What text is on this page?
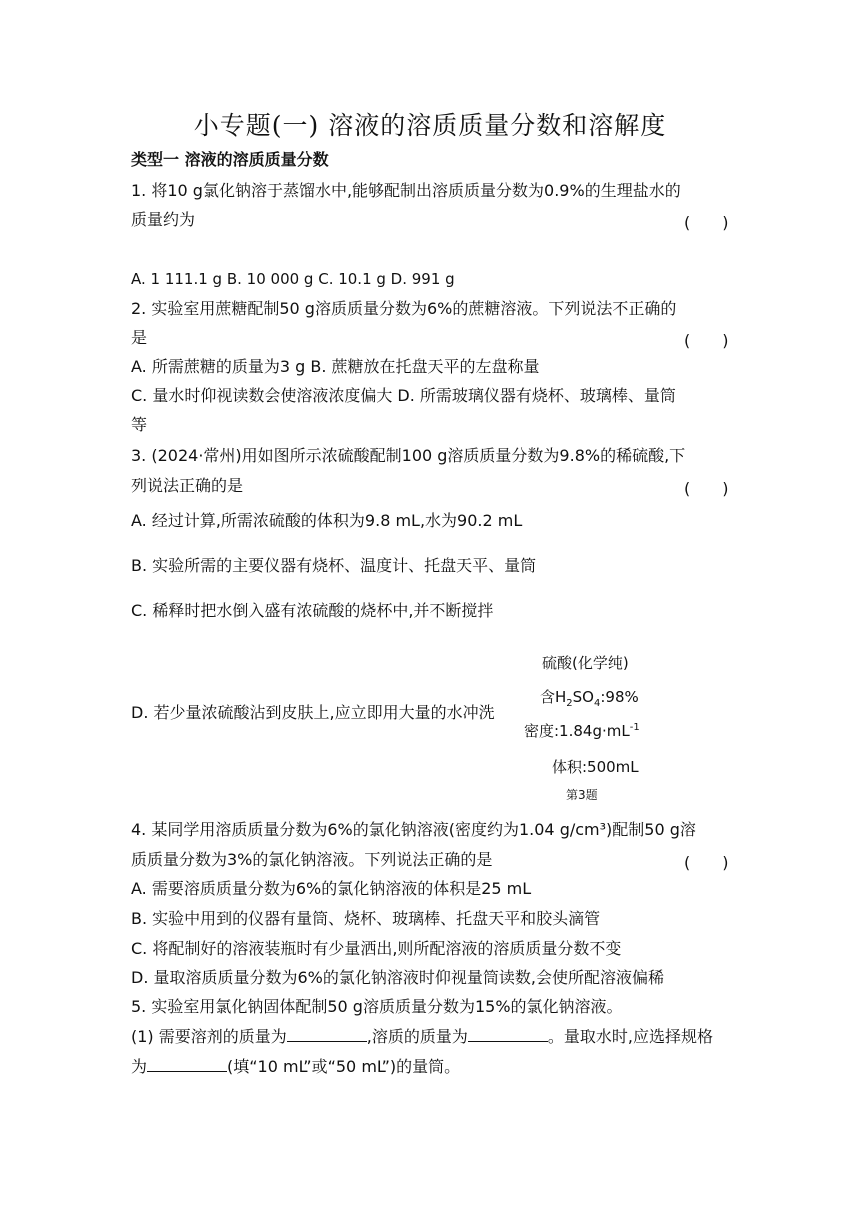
小专题(一) 溶液的溶质质量分数和溶解度
类型一 溶液的溶质质量分数
1. 将10 g氯化钠溶于蒸馏水中,能够配制出溶质质量分数为0.9%的生理盐水的
质量约为	(　　)
A. 1 111.1 g B. 10 000 g C. 10.1 g D. 991 g
2. 实验室用蔗糖配制50 g溶质质量分数为6%的蔗糖溶液。下列说法不正确的
是	(　　)
A. 所需蔗糖的质量为3 g B. 蔗糖放在托盘天平的左盘称量
C. 量水时仰视读数会使溶液浓度偏大 D. 所需玻璃仪器有烧杯、玻璃棒、量筒
等
3. (2024·常州)用如图所示浓硫酸配制100 g溶质质量分数为9.8%的稀硫酸,下
列说法正确的是	(　　)
A. 经过计算,所需浓硫酸的体积为9.8 mL,水为90.2 mL
B. 实验所需的主要仪器有烧杯、温度计、托盘天平、量筒
C. 稀释时把水倒入盛有浓硫酸的烧杯中,并不断搅拌
D. 若少量浓硫酸沾到皮肤上,应立即用大量的水冲洗
硫酸(化学纯)
含$H_2SO_4:98\%$
密度$:1.84g\cdot mL^{-1}$
体积:500mL
第3题
4. 某同学用溶质质量分数为6%的氯化钠溶液(密度约为1.04 g/cm³)配制50 g溶
质质量分数为3%的氯化钠溶液。下列说法正确的是	(　　)
A. 需要溶质质量分数为6%的氯化钠溶液的体积是25 mL
B. 实验中用到的仪器有量筒、烧杯、玻璃棒、托盘天平和胶头滴管
C. 将配制好的溶液装瓶时有少量洒出,则所配溶液的溶质质量分数不变
D. 量取溶质质量分数为6%的氯化钠溶液时仰视量筒读数,会使所配溶液偏稀
5. 实验室用氯化钠固体配制50 g溶质质量分数为15%的氯化钠溶液。
(1) 需要溶剂的质量为	,溶质的质量为	。量取水时,应选择规格
为	(填“10 mL”或“50 mL”)的量筒。
